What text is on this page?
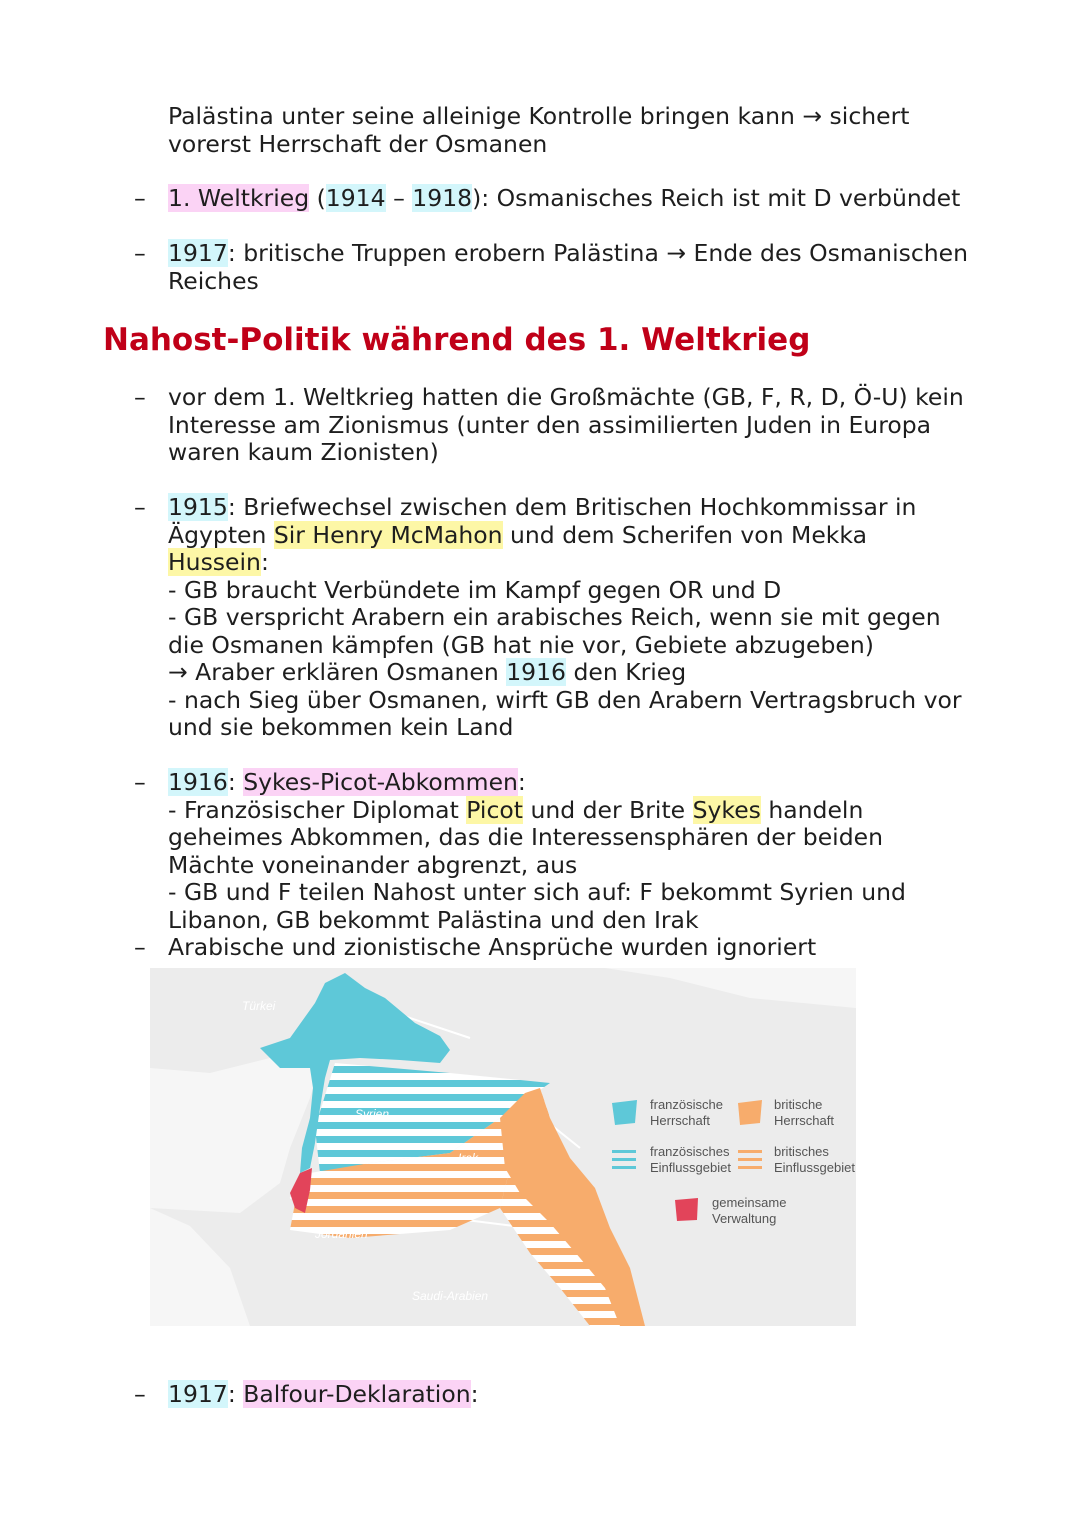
Palästina unter seine alleinige Kontrolle bringen kann → sichert
vorerst Herrschaft der Osmanen
– 1. Weltkrieg (1914 – 1918): Osmanisches Reich ist mit D verbündet
– 1917: britische Truppen erobern Palästina → Ende des Osmanischen
Reiches
Nahost-Politik während des 1. Weltkrieg
– vor dem 1. Weltkrieg hatten die Großmächte (GB, F, R, D, Ö-U) kein
Interesse am Zionismus (unter den assimilierten Juden in Europa
waren kaum Zionisten)
– 1915: Briefwechsel zwischen dem Britischen Hochkommissar in
Ägypten Sir Henry McMahon und dem Scherifen von Mekka
Hussein:
- GB braucht Verbündete im Kampf gegen OR und D
- GB verspricht Arabern ein arabisches Reich, wenn sie mit gegen
die Osmanen kämpfen (GB hat nie vor, Gebiete abzugeben)
→ Araber erklären Osmanen 1916 den Krieg
- nach Sieg über Osmanen, wirft GB den Arabern Vertragsbruch vor
und sie bekommen kein Land
– 1916: Sykes-Picot-Abkommen:
- Französischer Diplomat Picot und der Brite Sykes handeln
geheimes Abkommen, das die Interessensphären der beiden
Mächte voneinander abgrenzt, aus
- GB und F teilen Nahost unter sich auf: F bekommt Syrien und
Libanon, GB bekommt Palästina und den Irak
– Arabische und zionistische Ansprüche wurden ignoriert
Türkei
Syrien
Irak
Jordanien
Saudi-Arabien
französische
Herrschaft
britische
Herrschaft
französisches
Einflussgebiet
britisches
Einflussgebiet
gemeinsame
Verwaltung
– 1917: Balfour-Deklaration:
